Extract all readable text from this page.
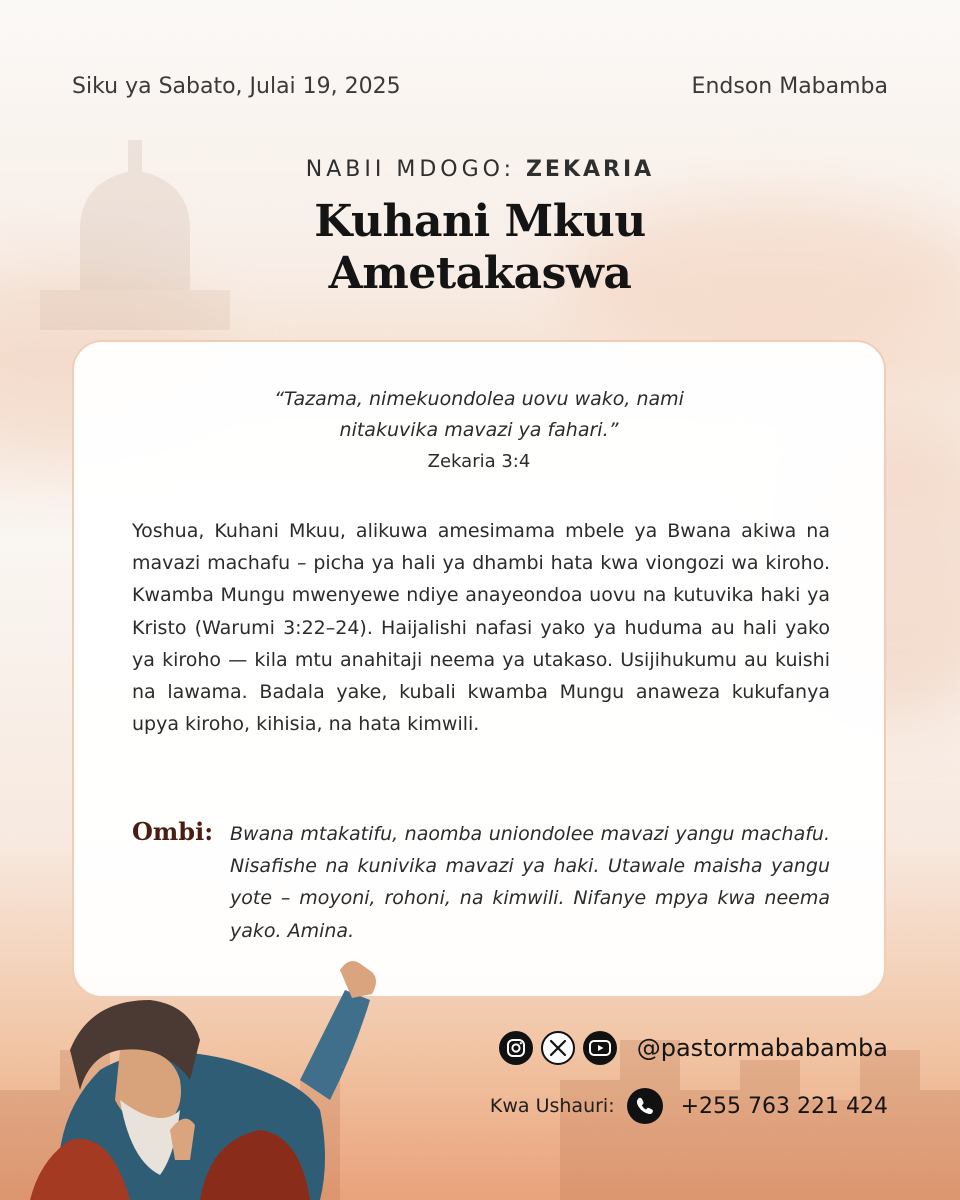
Siku ya Sabato, Julai 19, 2025	Endson Mabamba
NABII MDOGO: ZEKARIA
Kuhani Mkuu
Ametakaswa
“Tazama, nimekuondolea uovu wako, nami
nitakuvika mavazi ya fahari.”
Zekaria 3:4
Yoshua, Kuhani Mkuu, alikuwa amesimama mbele ya Bwana akiwa na mavazi machafu – picha ya hali ya dhambi hata kwa viongozi wa kiroho. Kwamba Mungu mwenyewe ndiye anayeondoa uovu na kutuvika haki ya Kristo (Warumi 3:22–24). Haijalishi nafasi yako ya huduma au hali yako ya kiroho — kila mtu anahitaji neema ya utakaso. Usijihukumu au kuishi na lawama. Badala yake, kubali kwamba Mungu anaweza kukufanya upya kiroho, kihisia, na hata kimwili.
Ombi: Bwana mtakatifu, naomba uniondolee mavazi yangu machafu. Nisafishe na kunivika mavazi ya haki. Utawale maisha yangu yote – moyoni, rohoni, na kimwili. Nifanye mpya kwa neema yako. Amina.
@pastormababamba
Kwa Ushauri:	+255 763 221 424
